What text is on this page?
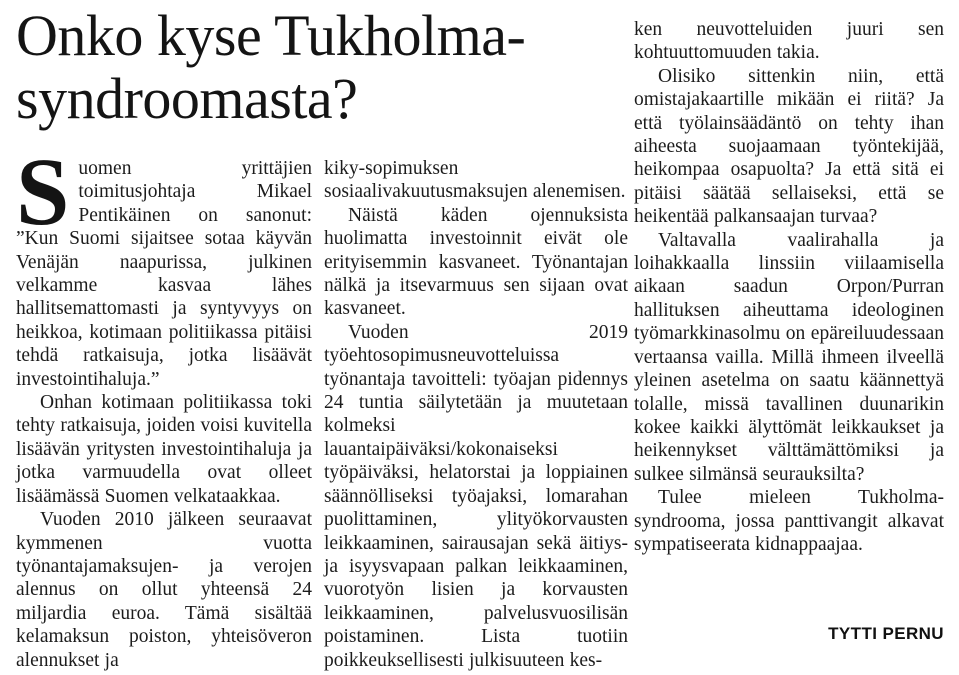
Onko kyse Tukholma-
syndroomasta?

Suomen yrittäjien toimitusjohtaja Mikael Pentikäinen on sanonut: ”Kun Suomi sijaitsee sotaa käyvän Venäjän naapurissa, julkinen velkamme kasvaa lähes hallitsemattomasti ja syntyvyys on heikkoa, kotimaan politiikassa pitäisi tehdä ratkaisuja, jotka lisäävät investointihaluja.”

Onhan kotimaan politiikassa toki tehty ratkaisuja, joiden voisi kuvitella lisäävän yritysten investointihaluja ja jotka varmuudella ovat olleet lisäämässä Suomen velkataakkaa.

Vuoden 2010 jälkeen seuraavat kymmenen vuotta työnantajamaksujen- ja verojen alennus on ollut yhteensä 24 miljardia euroa. Tämä sisältää kelamaksun poiston, yhteisöveron alennukset ja

kiky-sopimuksen sosiaalivakuutusmaksujen alenemisen.

Näistä käden ojennuksista huolimatta investoinnit eivät ole erityisemmin kasvaneet. Työnantajan nälkä ja itsevarmuus sen sijaan ovat kasvaneet.

Vuoden 2019 työehtosopimusneuvotteluissa työnantaja tavoitteli: työajan pidennys 24 tuntia säilytetään ja muutetaan kolmeksi lauantaipäiväksi/kokonaiseksi työpäiväksi, helatorstai ja loppiainen säännölliseksi työajaksi, lomarahan puolittaminen, ylityökorvausten leikkaaminen, sairausajan sekä äitiys- ja isyysvapaan palkan leikkaaminen, vuorotyön lisien ja korvausten leikkaaminen, palvelusvuosilisän poistaminen. Lista tuotiin poikkeuksellisesti julkisuuteen kes-

ken neuvotteluiden juuri sen kohtuuttomuuden takia.

Olisiko sittenkin niin, että omistajakaartille mikään ei riitä? Ja että työlainsäädäntö on tehty ihan aiheesta suojaamaan työntekijää, heikompaa osapuolta? Ja että sitä ei pitäisi säätää sellaiseksi, että se heikentää palkansaajan turvaa?

Valtavalla vaalirahalla ja loihakkaalla linssiin viilaamisella aikaan saadun Orpon/Purran hallituksen aiheuttama ideologinen työmarkkinasolmu on epäreiluudessaan vertaansa vailla. Millä ihmeen ilveellä yleinen asetelma on saatu käännettyä tolalle, missä tavallinen duunarikin kokee kaikki älyttömät leikkaukset ja heikennykset välttämättömiksi ja sulkee silmänsä seurauksilta?

Tulee mieleen Tukholma-syndrooma, jossa panttivangit alkavat sympatiseerata kidnappaajaa.

TYTTI PERNU
